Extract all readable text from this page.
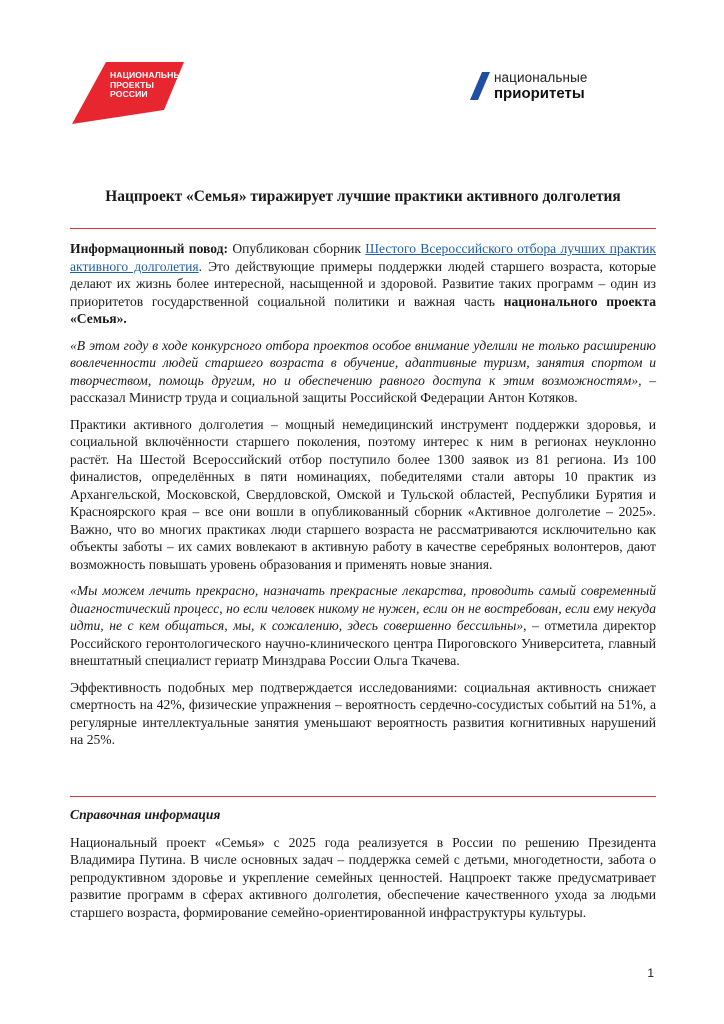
НАЦИОНАЛЬНЫЕ
ПРОЕКТЫ
РОССИИ
национальные
приоритеты
Нацпроект «Семья» тиражирует лучшие практики активного долголетия

Информационный повод: Опубликован сборник Шестого Всероссийского отбора лучших практик активного долголетия. Это действующие примеры поддержки людей старшего возраста, которые делают их жизнь более интересной, насыщенной и здоровой. Развитие таких программ – один из приоритетов государственной социальной политики и важная часть национального проекта «Семья».

«В этом году в ходе конкурсного отбора проектов особое внимание уделили не только расширению вовлеченности людей старшего возраста в обучение, адаптивные туризм, занятия спортом и творчеством, помощь другим, но и обеспечению равного доступа к этим возможностям», – рассказал Министр труда и социальной защиты Российской Федерации Антон Котяков.

Практики активного долголетия – мощный немедицинский инструмент поддержки здоровья, и социальной включённости старшего поколения, поэтому интерес к ним в регионах неуклонно растёт. На Шестой Всероссийский отбор поступило более 1300 заявок из 81 региона. Из 100 финалистов, определённых в пяти номинациях, победителями стали авторы 10 практик из Архангельской, Московской, Свердловской, Омской и Тульской областей, Республики Бурятия и Красноярского края – все они вошли в опубликованный сборник «Активное долголетие – 2025». Важно, что во многих практиках люди старшего возраста не рассматриваются исключительно как объекты заботы – их самих вовлекают в активную работу в качестве серебряных волонтеров, дают возможность повышать уровень образования и применять новые знания.

«Мы можем лечить прекрасно, назначать прекрасные лекарства, проводить самый современный диагностический процесс, но если человек никому не нужен, если он не востребован, если ему некуда идти, не с кем общаться, мы, к сожалению, здесь совершенно бессильны», – отметила директор Российского геронтологического научно-клинического центра Пироговского Университета, главный внештатный специалист гериатр Минздрава России Ольга Ткачева.

Эффективность подобных мер подтверждается исследованиями: социальная активность снижает смертность на 42%, физические упражнения – вероятность сердечно-сосудистых событий на 51%, а регулярные интеллектуальные занятия уменьшают вероятность развития когнитивных нарушений на 25%.

Справочная информация

Национальный проект «Семья» с 2025 года реализуется в России по решению Президента Владимира Путина. В числе основных задач – поддержка семей с детьми, многодетности, забота о репродуктивном здоровье и укрепление семейных ценностей. Нацпроект также предусматривает развитие программ в сферах активного долголетия, обеспечение качественного ухода за людьми старшего возраста, формирование семейно-ориентированной инфраструктуры культуры.

1
